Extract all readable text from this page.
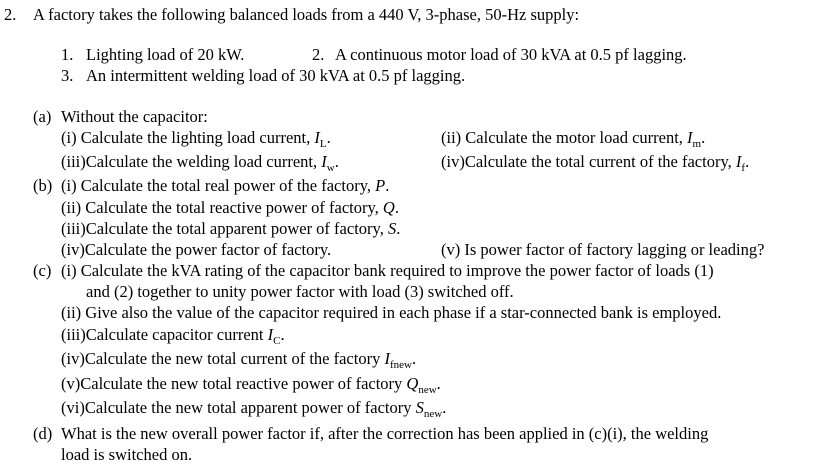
2. A factory takes the following balanced loads from a 440 V, 3-phase, 50-Hz supply:
1. Lighting load of 20 kW.	2. A continuous motor load of 30 kVA at 0.5 pf lagging.
3. An intermittent welding load of 30 kVA at 0.5 pf lagging.
(a) Without the capacitor:
(i) Calculate the lighting load current, $I_L$.	(ii) Calculate the motor load current, $I_m$.
(iii)Calculate the welding load current, $I_w$.	(iv)Calculate the total current of the factory, $I_f$.
(b) (i) Calculate the total real power of the factory, P.
(ii) Calculate the total reactive power of factory, Q.
(iii)Calculate the total apparent power of factory, S.
(iv)Calculate the power factor of factory.	(v) Is power factor of factory lagging or leading?
(c) (i) Calculate the kVA rating of the capacitor bank required to improve the power factor of loads (1)
and (2) together to unity power factor with load (3) switched off.
(ii) Give also the value of the capacitor required in each phase if a star-connected bank is employed.
(iii)Calculate capacitor current $I_C$.
(iv)Calculate the new total current of the factory $I_{fnew}$.
(v)Calculate the new total reactive power of factory $Q_{new}$.
(vi)Calculate the new total apparent power of factory $S_{new}$.
(d) What is the new overall power factor if, after the correction has been applied in (c)(i), the welding
load is switched on.
